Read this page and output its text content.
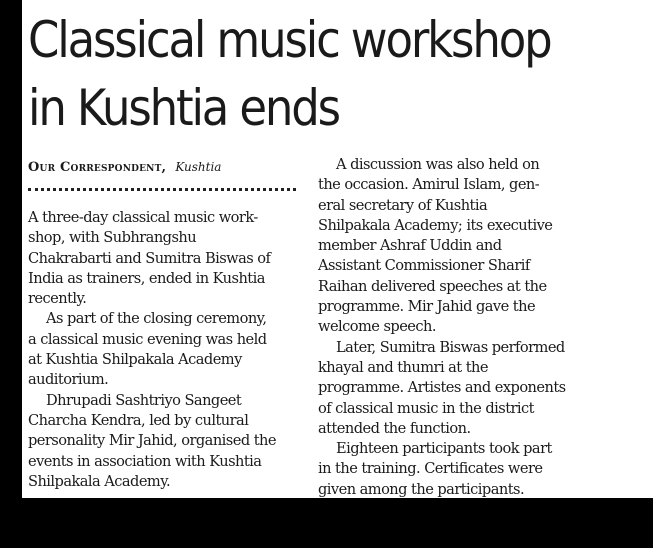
Classical music workshop
in Kushtia ends
Our Correspondent, Kushtia
A three-day classical music work-
shop, with Subhrangshu
Chakrabarti and Sumitra Biswas of
India as trainers, ended in Kushtia
recently.
As part of the closing ceremony,
a classical music evening was held
at Kushtia Shilpakala Academy
auditorium.
Dhrupadi Sashtriyo Sangeet
Charcha Kendra, led by cultural
personality Mir Jahid, organised the
events in association with Kushtia
Shilpakala Academy.
A discussion was also held on
the occasion. Amirul Islam, gen-
eral secretary of Kushtia
Shilpakala Academy; its executive
member Ashraf Uddin and
Assistant Commissioner Sharif
Raihan delivered speeches at the
programme. Mir Jahid gave the
welcome speech.
Later, Sumitra Biswas performed
khayal and thumri at the
programme. Artistes and exponents
of classical music in the district
attended the function.
Eighteen participants took part
in the training. Certificates were
given among the participants.
